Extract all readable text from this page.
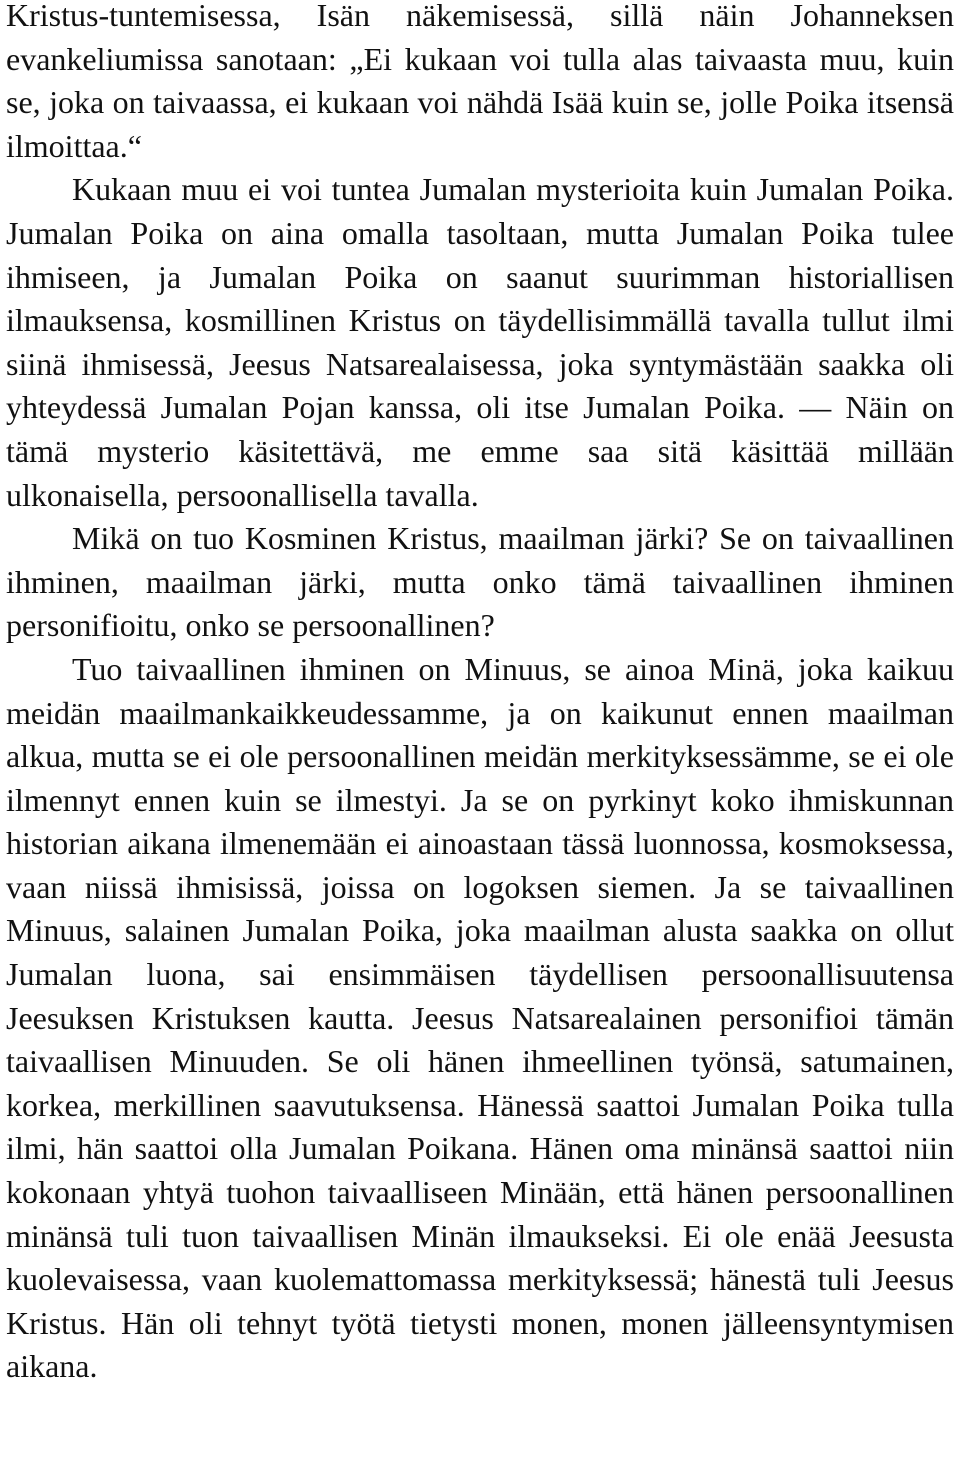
Kristus-tuntemisessa, Isän näkemisessä, sillä näin Johanneksen evankeliumissa sanotaan: „Ei kukaan voi tulla alas taivaasta muu, kuin se, joka on taivaassa, ei kukaan voi nähdä Isää kuin se, jolle Poika itsensä ilmoittaa.“

Kukaan muu ei voi tuntea Jumalan mysterioita kuin Jumalan Poika. Jumalan Poika on aina omalla tasoltaan, mutta Jumalan Poika tulee ihmiseen, ja Jumalan Poika on saanut suurimman historiallisen ilmauksensa, kosmillinen Kristus on täydellisimmällä tavalla tullut ilmi siinä ihmisessä, Jeesus Natsarealaisessa, joka syntymästään saakka oli yhteydessä Jumalan Pojan kanssa, oli itse Jumalan Poika. — Näin on tämä mysterio käsitettävä, me emme saa sitä käsittää millään ulkonaisella, persoonallisella tavalla.

Mikä on tuo Kosminen Kristus, maailman järki? Se on taivaallinen ihminen, maailman järki, mutta onko tämä taivaallinen ihminen personifioitu, onko se persoonallinen?

Tuo taivaallinen ihminen on Minuus, se ainoa Minä, joka kaikuu meidän maailmankaikkeudessamme, ja on kaikunut ennen maailman alkua, mutta se ei ole persoonallinen meidän merkityksessämme, se ei ole ilmennyt ennen kuin se ilmestyi. Ja se on pyrkinyt koko ihmiskunnan historian aikana ilmenemään ei ainoastaan tässä luonnossa, kosmoksessa, vaan niissä ihmisissä, joissa on logoksen siemen. Ja se taivaallinen Minuus, salainen Jumalan Poika, joka maailman alusta saakka on ollut Jumalan luona, sai ensimmäisen täydellisen persoonallisuutensa Jeesuksen Kristuksen kautta. Jeesus Natsarealainen personifioi tämän taivaallisen Minuuden. Se oli hänen ihmeellinen työnsä, satumainen, korkea, merkillinen saavutuksensa. Hänessä saattoi Jumalan Poika tulla ilmi, hän saattoi olla Jumalan Poikana. Hänen oma minänsä saattoi niin kokonaan yhtyä tuohon taivaalliseen Minään, että hänen persoonallinen minänsä tuli tuon taivaallisen Minän ilmaukseksi. Ei ole enää Jeesusta kuolevaisessa, vaan kuolemattomassa merkityksessä; hänestä tuli Jeesus Kristus. Hän oli tehnyt työtä tietysti monen, monen jälleensyntymisen aikana.
